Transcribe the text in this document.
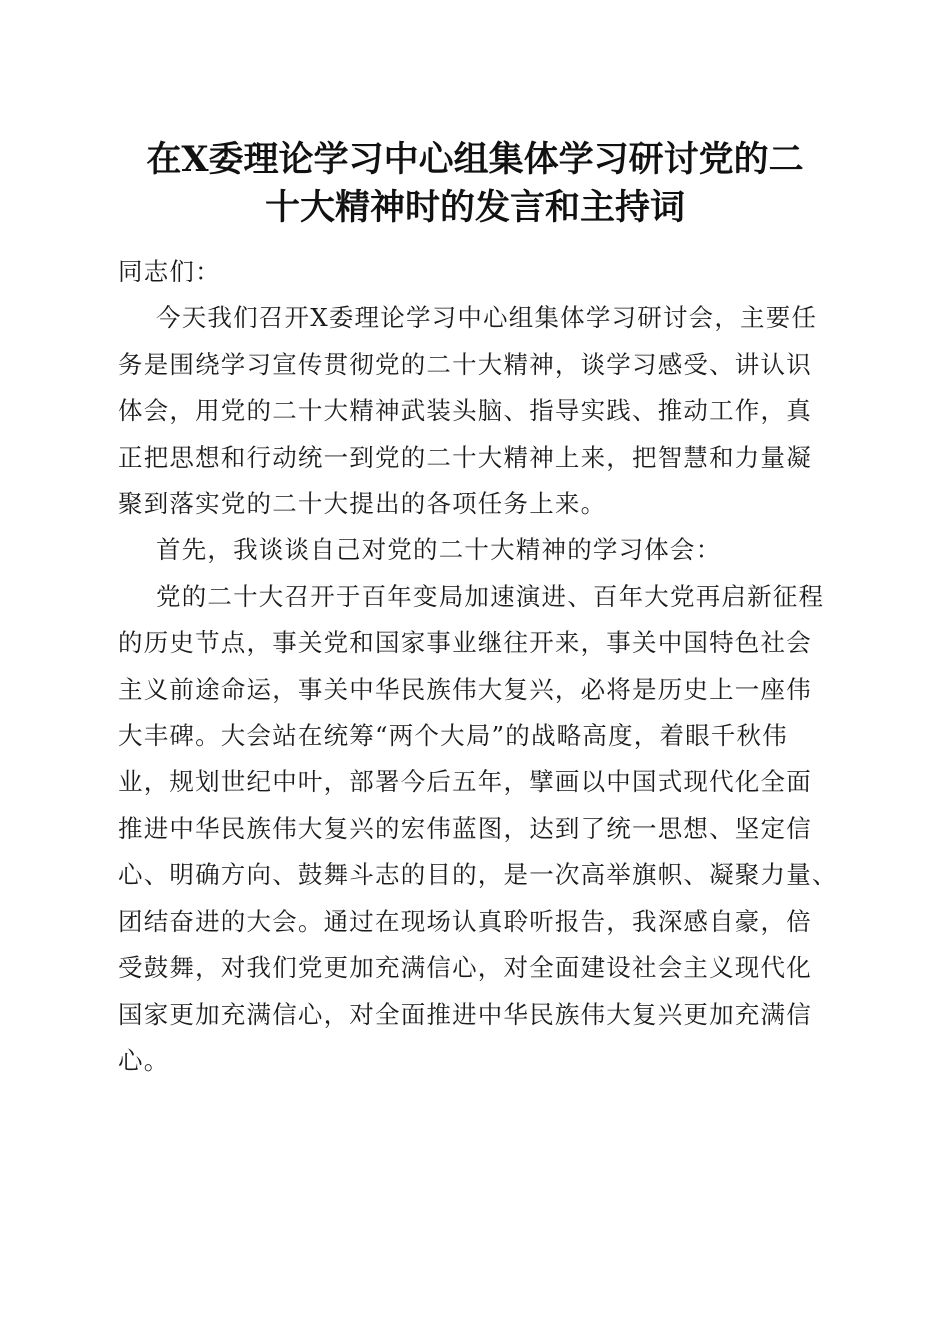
在X委理论学习中心组集体学习研讨党的二
十大精神时的发言和主持词

同志们：

今天我们召开X委理论学习中心组集体学习研讨会，主要任
务是围绕学习宣传贯彻党的二十大精神，谈学习感受、讲认识
体会，用党的二十大精神武装头脑、指导实践、推动工作，真
正把思想和行动统一到党的二十大精神上来，把智慧和力量凝
聚到落实党的二十大提出的各项任务上来。

首先，我谈谈自己对党的二十大精神的学习体会：

党的二十大召开于百年变局加速演进、百年大党再启新征程
的历史节点，事关党和国家事业继往开来，事关中国特色社会
主义前途命运，事关中华民族伟大复兴，必将是历史上一座伟
大丰碑。大会站在统筹“两个大局”的战略高度，着眼千秋伟
业，规划世纪中叶，部署今后五年，擘画以中国式现代化全面
推进中华民族伟大复兴的宏伟蓝图，达到了统一思想、坚定信
心、明确方向、鼓舞斗志的目的，是一次高举旗帜、凝聚力量、
团结奋进的大会。通过在现场认真聆听报告，我深感自豪，倍
受鼓舞，对我们党更加充满信心，对全面建设社会主义现代化
国家更加充满信心，对全面推进中华民族伟大复兴更加充满信
心。
